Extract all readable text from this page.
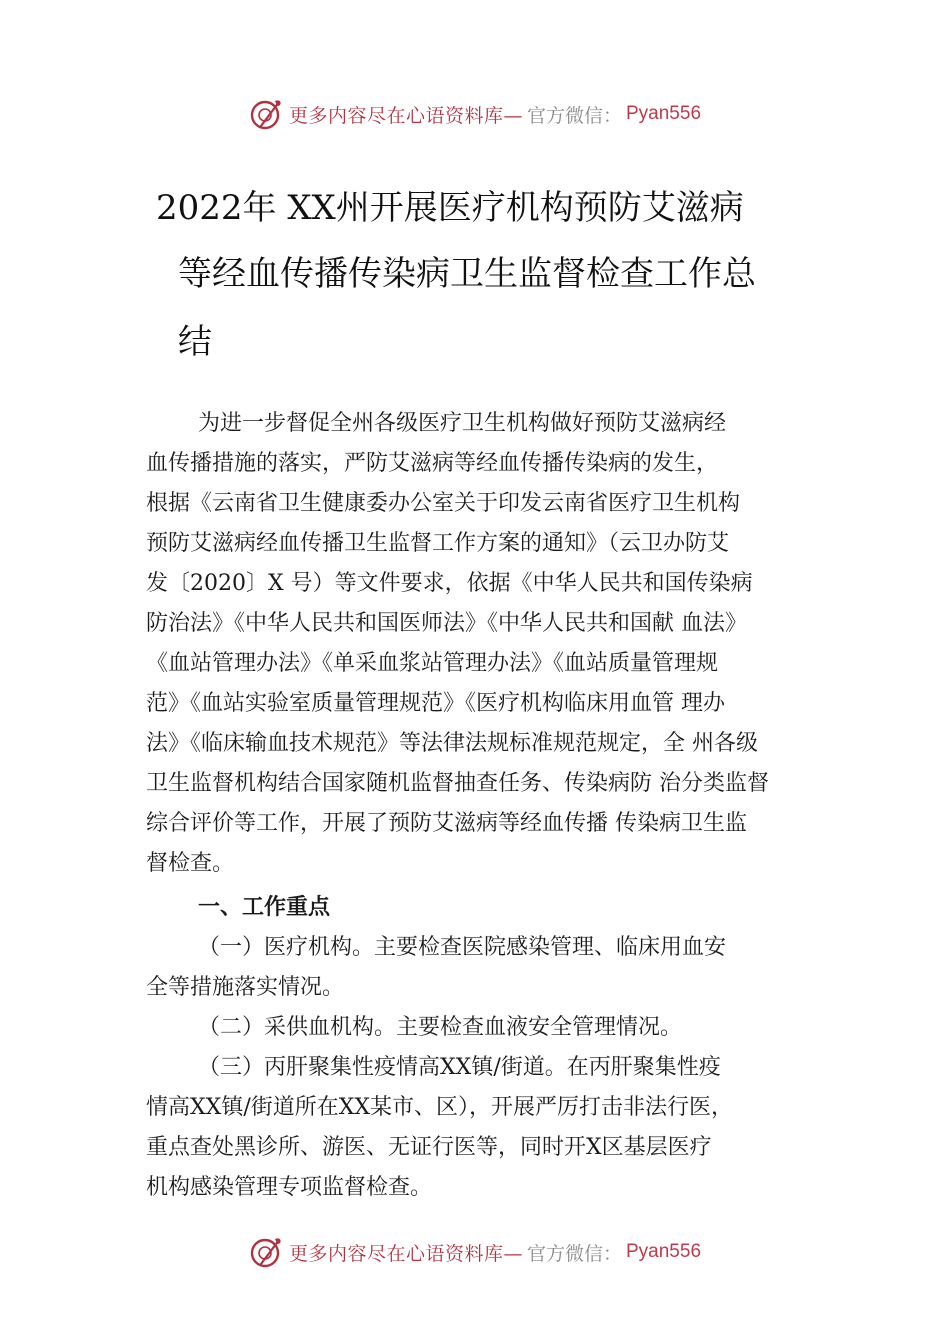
更多内容尽在心语资料库— 官方微信： Pyan556
2022年 XX州开展医疗机构预防艾滋病
等经血传播传染病卫生监督检查工作总
结

为进一步督促全州各级医疗卫生机构做好预防艾滋病经

血传播措施的落实，严防艾滋病等经血传播传染病的发生，

根据《云南省卫生健康委办公室关于印发云南省医疗卫生机构

预防艾滋病经血传播卫生监督工作方案的通知》（云卫办防艾

发〔2020〕X 号）等文件要求，依据《中华人民共和国传染病

防治法》《中华人民共和国医师法》《中华人民共和国献 血法》

《血站管理办法》《单采血浆站管理办法》《血站质量管理规

范》《血站实验室质量管理规范》《医疗机构临床用血管 理办

法》《临床输血技术规范》等法律法规标准规范规定，全 州各级

卫生监督机构结合国家随机监督抽查任务、传染病防 治分类监督

综合评价等工作，开展了预防艾滋病等经血传播 传染病卫生监

督检查。

一、工作重点

（一）医疗机构。主要检查医院感染管理、临床用血安

全等措施落实情况。

（二）采供血机构。主要检查血液安全管理情况。

（三）丙肝聚集性疫情高XX镇/街道。在丙肝聚集性疫

情高XX镇/街道所在XX某市、区），开展严厉打击非法行医，

重点查处黑诊所、游医、无证行医等，同时开X区基层医疗

机构感染管理专项监督检查。

更多内容尽在心语资料库— 官方微信： Pyan556
